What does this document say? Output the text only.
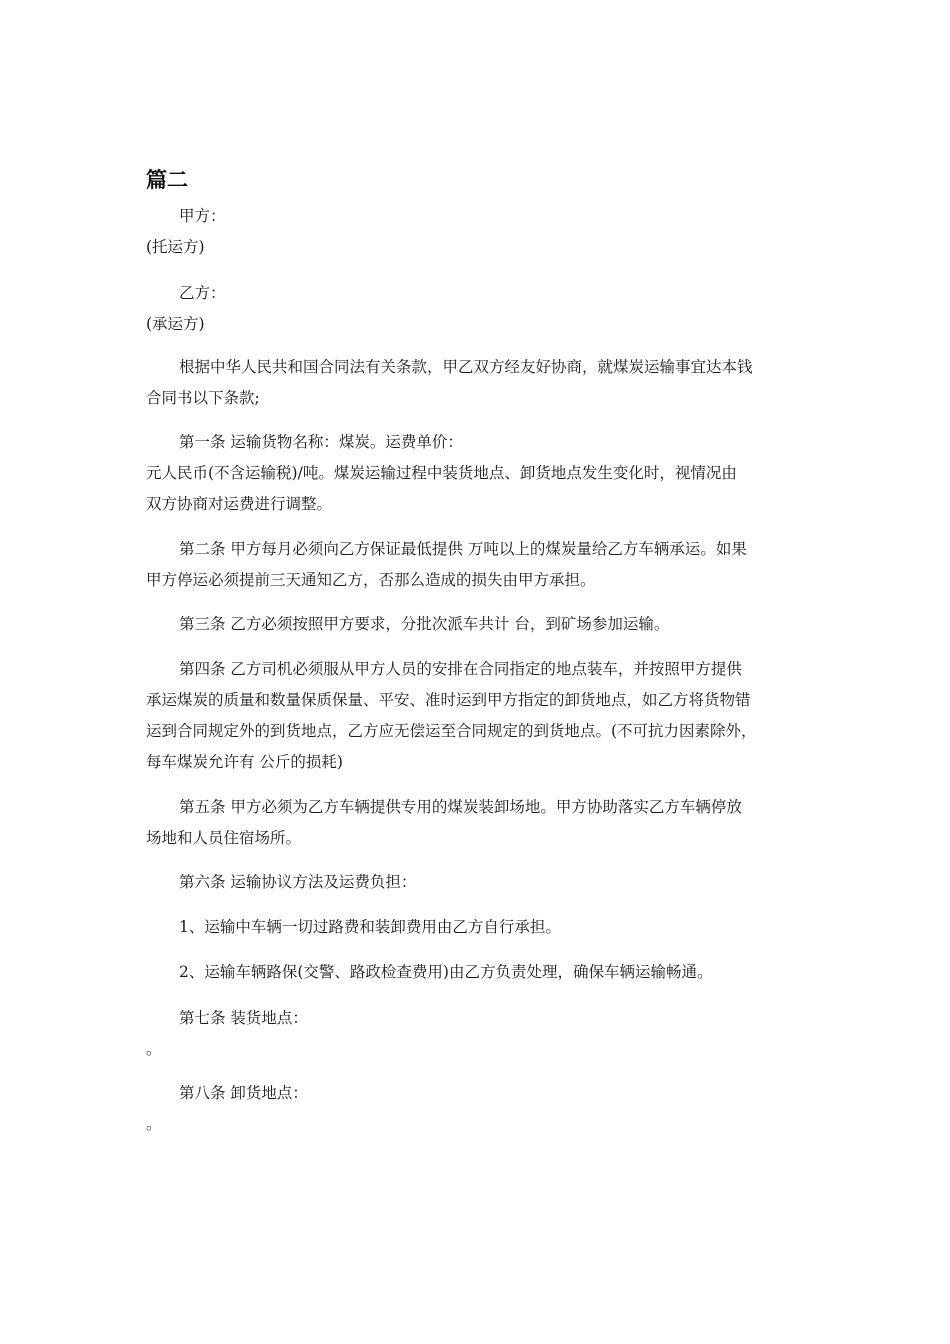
篇二

甲方：
(托运方)

乙方：
(承运方)

根据中华人民共和国合同法有关条款，甲乙双方经友好协商，就煤炭运输事宜达本钱
合同书以下条款;

第一条 运输货物名称：煤炭。运费单价：
元人民币(不含运输税)/吨。煤炭运输过程中装货地点、卸货地点发生变化时，视情况由
双方协商对运费进行调整。

第二条 甲方每月必须向乙方保证最低提供 万吨以上的煤炭量给乙方车辆承运。如果
甲方停运必须提前三天通知乙方，否那么造成的损失由甲方承担。

第三条 乙方必须按照甲方要求，分批次派车共计 台，到矿场参加运输。

第四条 乙方司机必须服从甲方人员的安排在合同指定的地点装车，并按照甲方提供
承运煤炭的质量和数量保质保量、平安、准时运到甲方指定的卸货地点，如乙方将货物错
运到合同规定外的到货地点，乙方应无偿运至合同规定的到货地点。(不可抗力因素除外，
每车煤炭允许有 公斤的损耗)

第五条 甲方必须为乙方车辆提供专用的煤炭装卸场地。甲方协助落实乙方车辆停放
场地和人员住宿场所。

第六条 运输协议方法及运费负担：

1、运输中车辆一切过路费和装卸费用由乙方自行承担。

2、运输车辆路保(交警、路政检查费用)由乙方负责处理，确保车辆运输畅通。

第七条 装货地点：
。

第八条 卸货地点：
。
